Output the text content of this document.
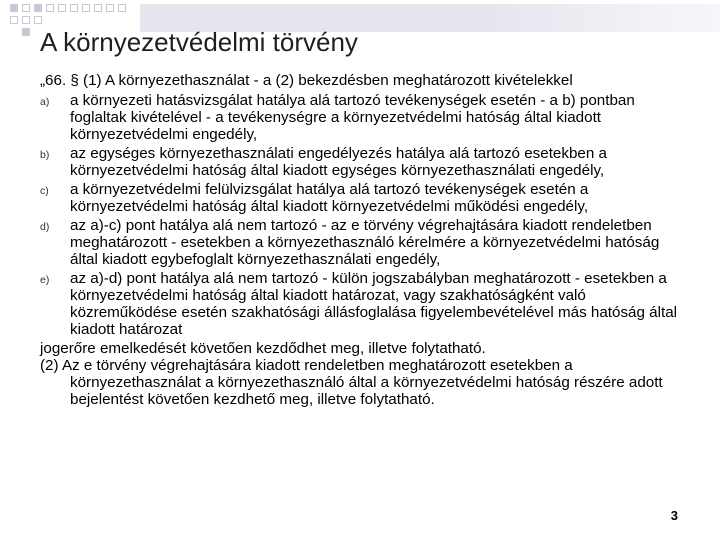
A környezetvédelmi törvény

„66. § (1) A környezethasználat - a (2) bekezdésben meghatározott kivételekkel

a) a környezeti hatásvizsgálat hatálya alá tartozó tevékenységek esetén - a b) pontban foglaltak kivételével - a tevékenységre a környezetvédelmi hatóság által kiadott környezetvédelmi engedély,
b) az egységes környezethasználati engedélyezés hatálya alá tartozó esetekben a környezetvédelmi hatóság által kiadott egységes környezethasználati engedély,
c) a környezetvédelmi felülvizsgálat hatálya alá tartozó tevékenységek esetén a környezetvédelmi hatóság által kiadott környezetvédelmi működési engedély,
d) az a)-c) pont hatálya alá nem tartozó - az e törvény végrehajtására kiadott rendeletben meghatározott - esetekben a környezethasználó kérelmére a környezetvédelmi hatóság által kiadott egybefoglalt környezethasználati engedély,
e) az a)-d) pont hatálya alá nem tartozó - külön jogszabályban meghatározott - esetekben a környezetvédelmi hatóság által kiadott határozat, vagy szakhatóságként való közreműködése esetén szakhatósági állásfoglalása figyelembevételével más hatóság által kiadott határozat

jogerőre emelkedését követően kezdődhet meg, illetve folytatható.

(2) Az e törvény végrehajtására kiadott rendeletben meghatározott esetekben a
környezethasználat a környezethasználó által a környezetvédelmi hatóság részére adott bejelentést követően kezdhető meg, illetve folytatható.

3
